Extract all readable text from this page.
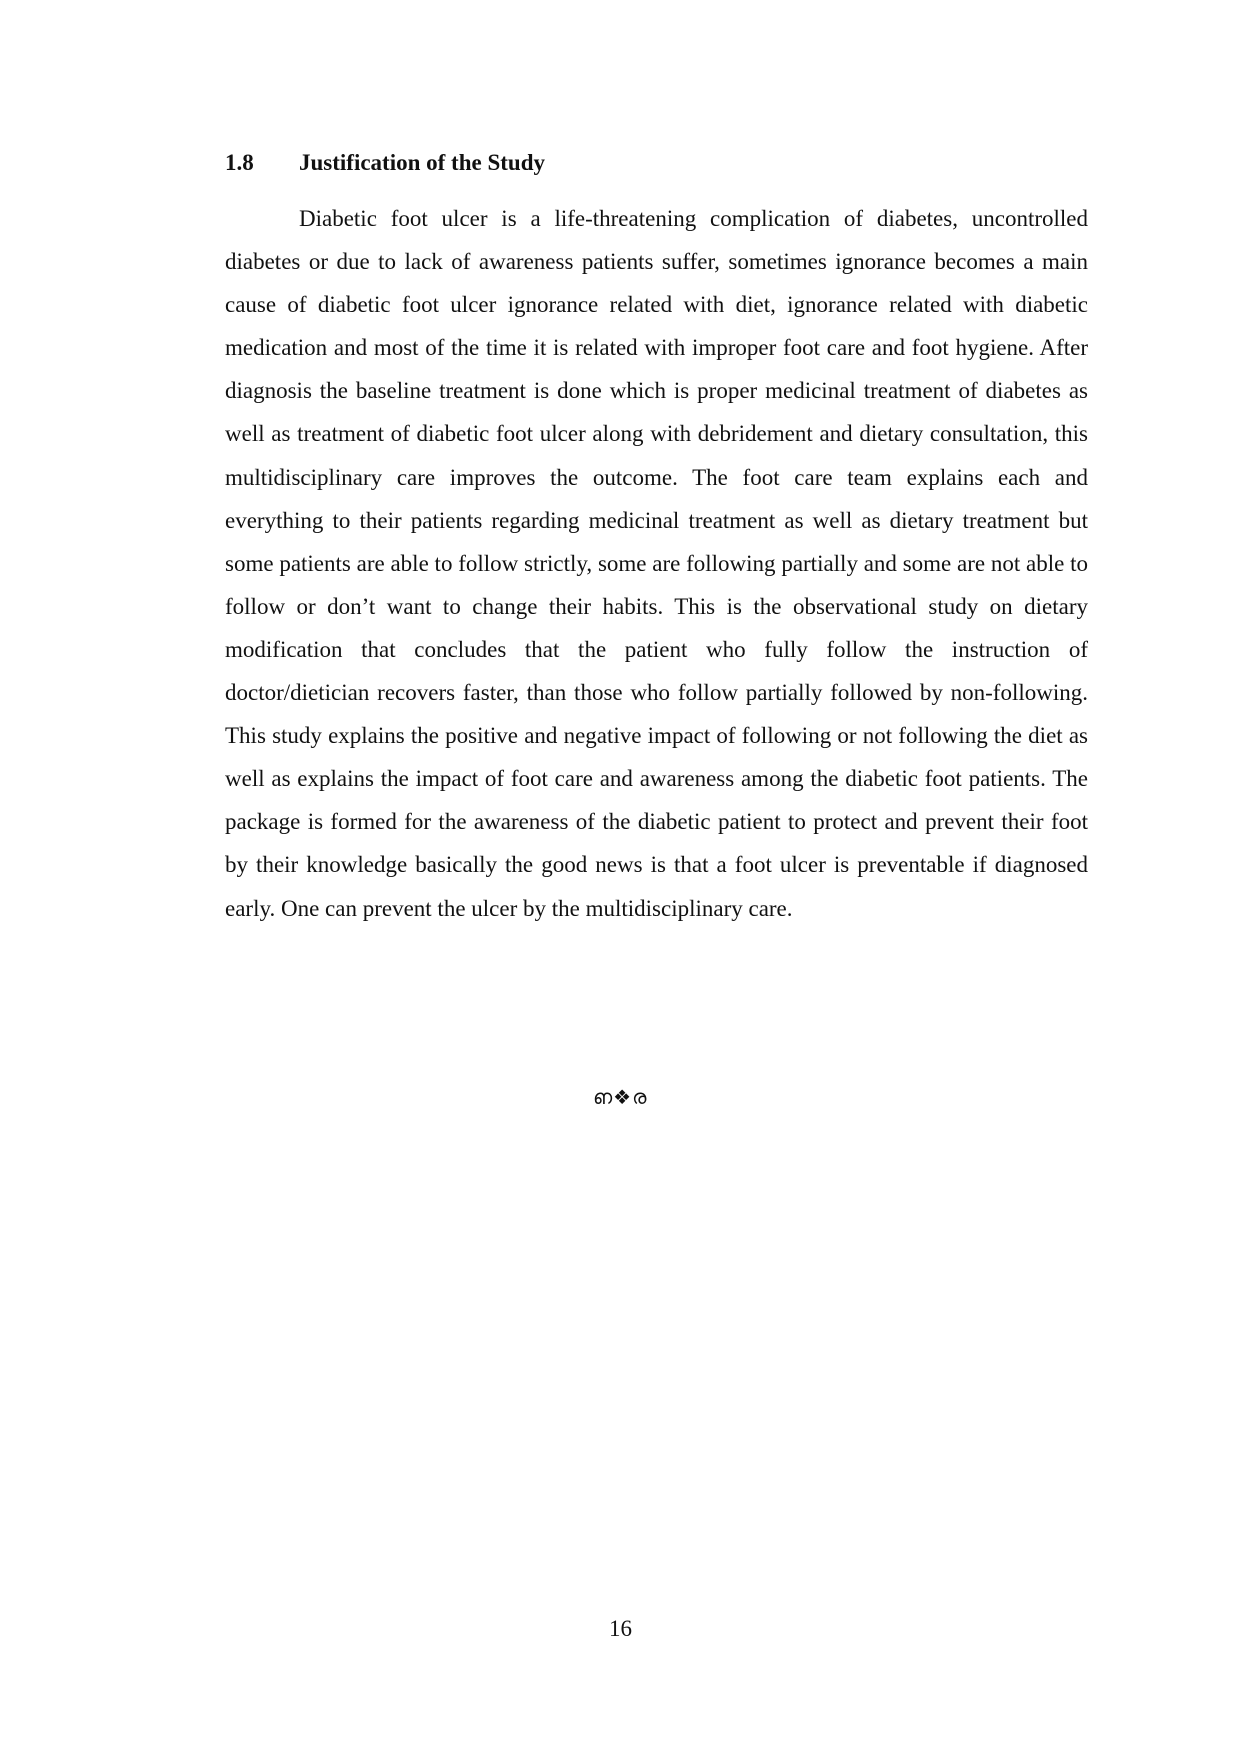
1.8 Justification of the Study

Diabetic foot ulcer is a life-threatening complication of diabetes, uncontrolled diabetes or due to lack of awareness patients suffer, sometimes ignorance becomes a main cause of diabetic foot ulcer ignorance related with diet, ignorance related with diabetic medication and most of the time it is related with improper foot care and foot hygiene. After diagnosis the baseline treatment is done which is proper medicinal treatment of diabetes as well as treatment of diabetic foot ulcer along with debridement and dietary consultation, this multidisciplinary care improves the outcome. The foot care team explains each and everything to their patients regarding medicinal treatment as well as dietary treatment but some patients are able to follow strictly, some are following partially and some are not able to follow or don’t want to change their habits. This is the observational study on dietary modification that concludes that the patient who fully follow the instruction of doctor/dietician recovers faster, than those who follow partially followed by non-following. This study explains the positive and negative impact of following or not following the diet as well as explains the impact of foot care and awareness among the diabetic foot patients. The package is formed for the awareness of the diabetic patient to protect and prevent their foot by their knowledge basically the good news is that a foot ulcer is preventable if diagnosed early. One can prevent the ulcer by the multidisciplinary care.

ഩ❖ര
16
